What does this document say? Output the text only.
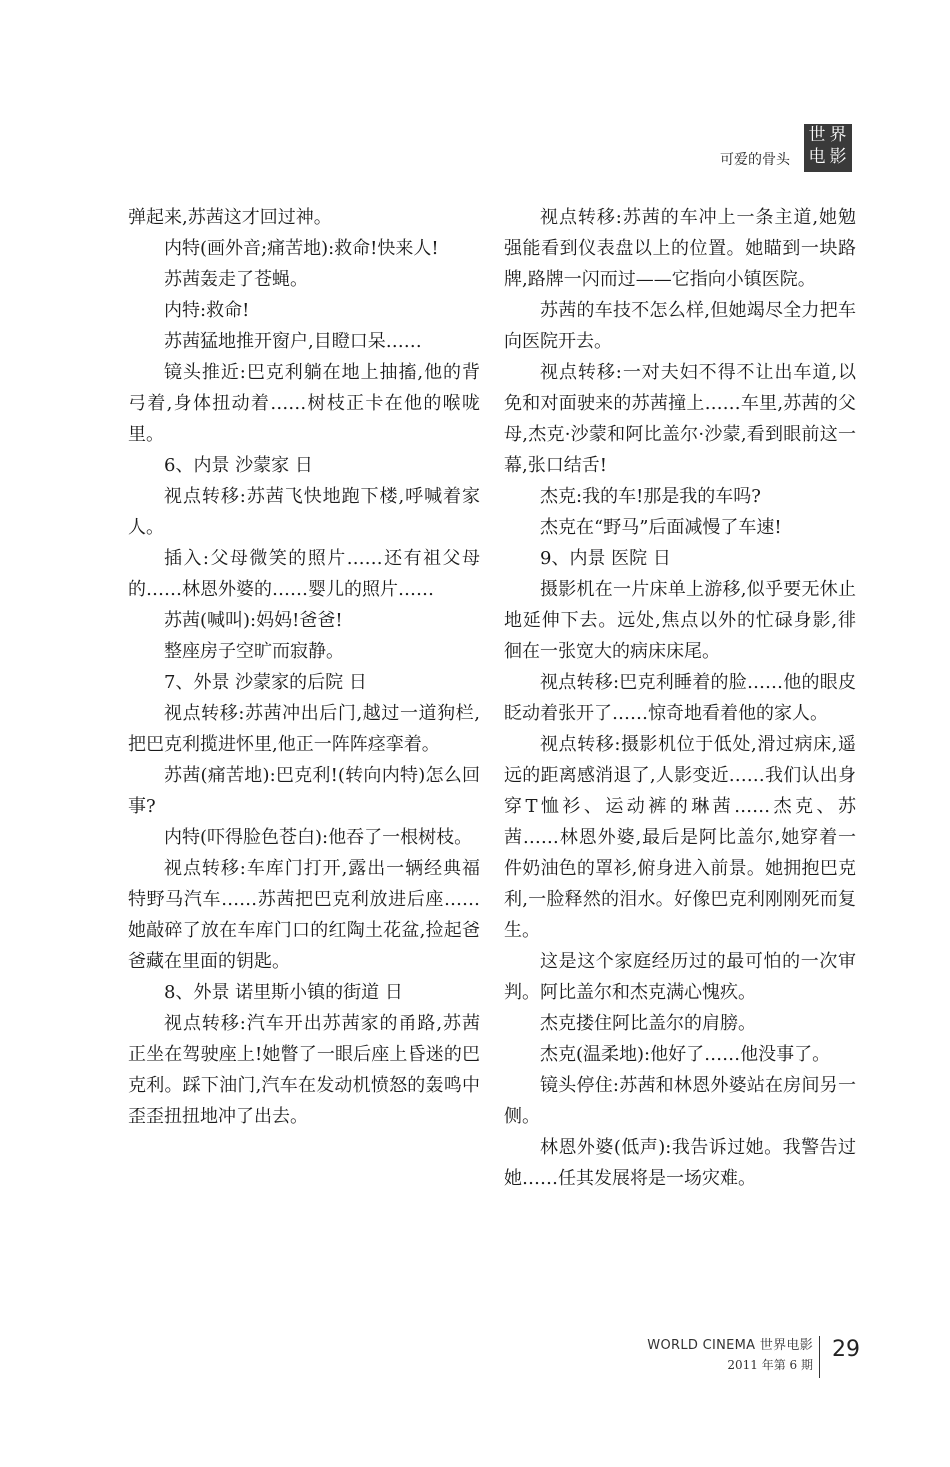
可爱的骨头
世界
电影

弹起来,苏茜这才回过神。

内特(画外音;痛苦地):救命!快来人!

苏茜轰走了苍蝇。

内特:救命!

苏茜猛地推开窗户,目瞪口呆……

镜头推近:巴克利躺在地上抽搐,他的背弓着,身体扭动着……树枝正卡在他的喉咙里。

6、内景 沙蒙家 日

视点转移:苏茜飞快地跑下楼,呼喊着家人。

插入:父母微笑的照片……还有祖父母的……林恩外婆的……婴儿的照片……

苏茜(喊叫):妈妈!爸爸!

整座房子空旷而寂静。

7、外景 沙蒙家的后院 日

视点转移:苏茜冲出后门,越过一道狗栏,把巴克利揽进怀里,他正一阵阵痉挛着。

苏茜(痛苦地):巴克利!(转向内特)怎么回事?

内特(吓得脸色苍白):他吞了一根树枝。

视点转移:车库门打开,露出一辆经典福特野马汽车……苏茜把巴克利放进后座……她敲碎了放在车库门口的红陶土花盆,捡起爸爸藏在里面的钥匙。

8、外景 诺里斯小镇的街道 日

视点转移:汽车开出苏茜家的甬路,苏茜正坐在驾驶座上!她瞥了一眼后座上昏迷的巴克利。踩下油门,汽车在发动机愤怒的轰鸣中歪歪扭扭地冲了出去。

视点转移:苏茜的车冲上一条主道,她勉强能看到仪表盘以上的位置。她瞄到一块路牌,路牌一闪而过——它指向小镇医院。

苏茜的车技不怎么样,但她竭尽全力把车向医院开去。

视点转移:一对夫妇不得不让出车道,以免和对面驶来的苏茜撞上……车里,苏茜的父母,杰克·沙蒙和阿比盖尔·沙蒙,看到眼前这一幕,张口结舌!

杰克:我的车!那是我的车吗?

杰克在“野马”后面减慢了车速!

9、内景 医院 日

摄影机在一片床单上游移,似乎要无休止地延伸下去。远处,焦点以外的忙碌身影,徘徊在一张宽大的病床床尾。

视点转移:巴克利睡着的脸……他的眼皮眨动着张开了……惊奇地看着他的家人。

视点转移:摄影机位于低处,滑过病床,遥远的距离感消退了,人影变近……我们认出身穿T恤衫、运动裤的琳茜……杰克、苏茜……林恩外婆,最后是阿比盖尔,她穿着一件奶油色的罩衫,俯身进入前景。她拥抱巴克利,一脸释然的泪水。好像巴克利刚刚死而复生。

这是这个家庭经历过的最可怕的一次审判。阿比盖尔和杰克满心愧疚。

杰克搂住阿比盖尔的肩膀。

杰克(温柔地):他好了……他没事了。

镜头停住:苏茜和林恩外婆站在房间另一侧。

林恩外婆(低声):我告诉过她。我警告过她……任其发展将是一场灾难。

WORLD CINEMA 世界电影
2011 年第 6 期
29
